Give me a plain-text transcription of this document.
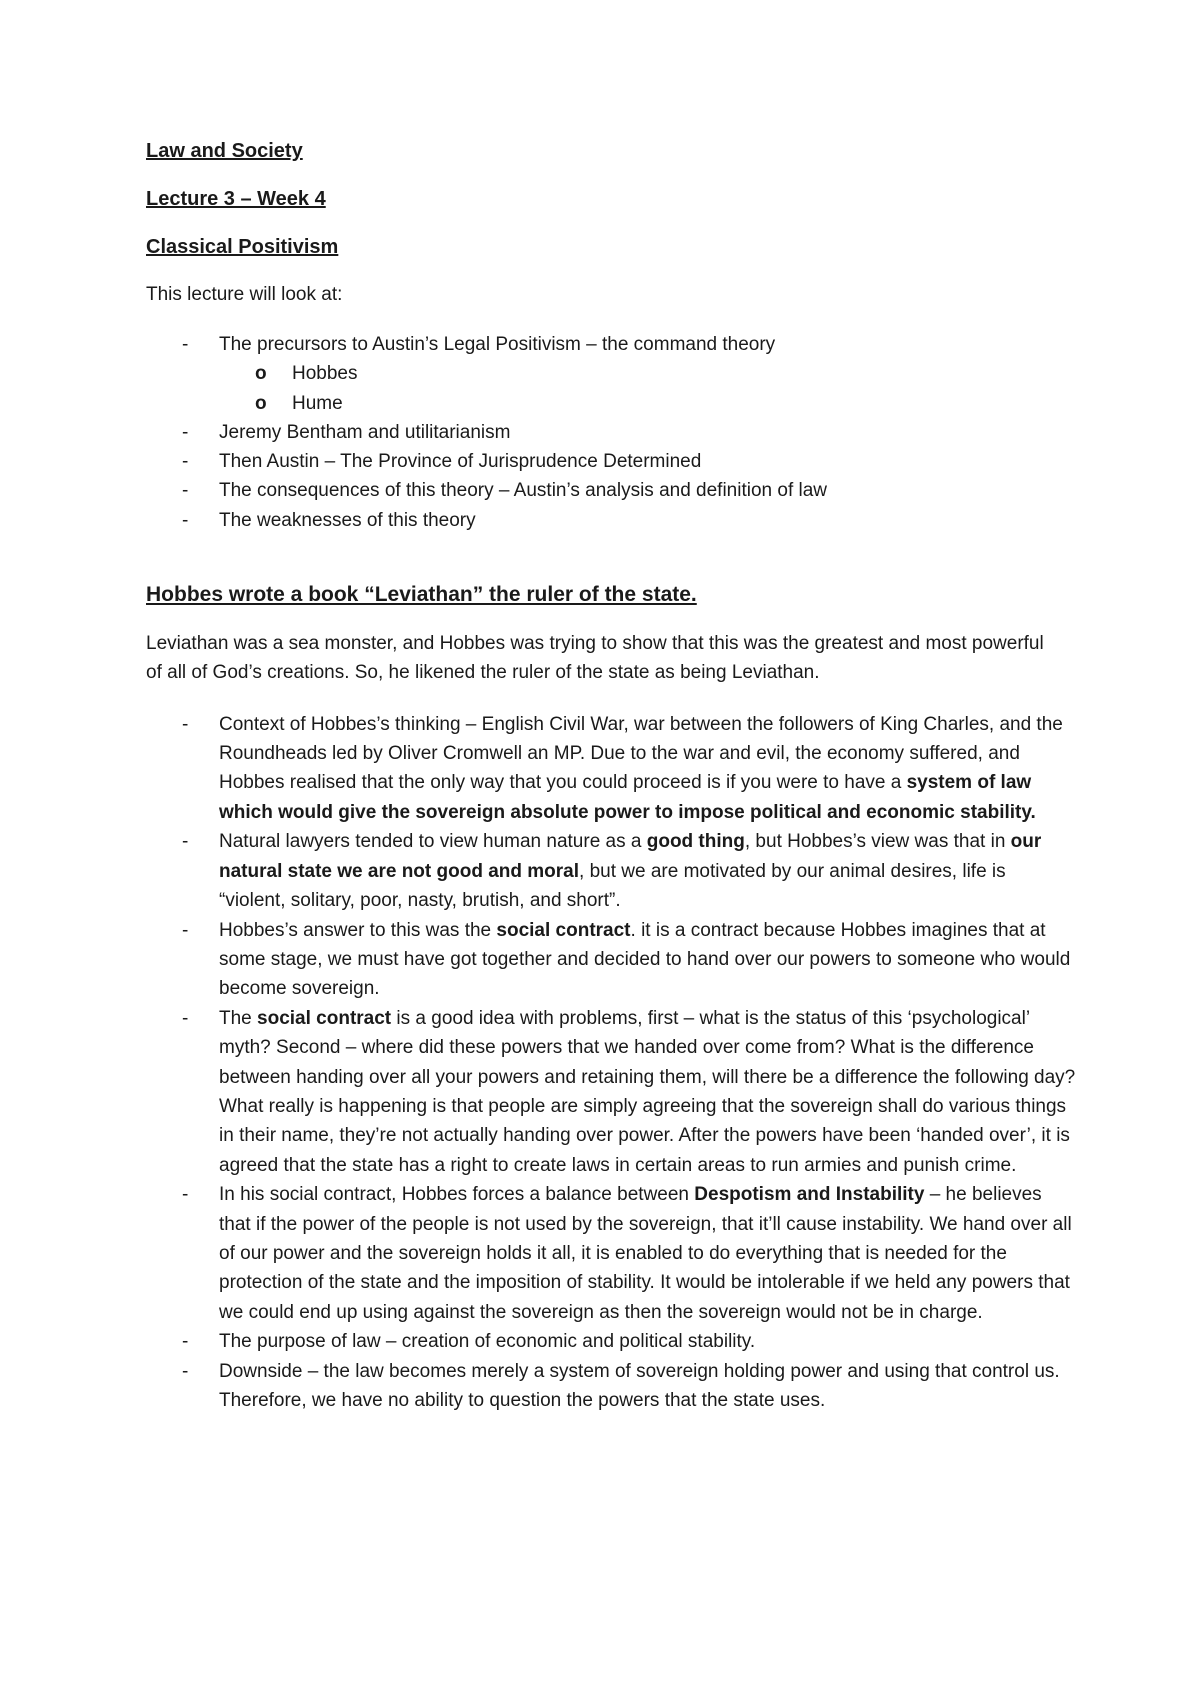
Law and Society

Lecture 3 – Week 4

Classical Positivism

This lecture will look at:

- The precursors to Austin’s Legal Positivism – the command theory
o Hobbes
o Hume
- Jeremy Bentham and utilitarianism
- Then Austin – The Province of Jurisprudence Determined
- The consequences of this theory – Austin’s analysis and definition of law
- The weaknesses of this theory

Hobbes wrote a book “Leviathan” the ruler of the state.

Leviathan was a sea monster, and Hobbes was trying to show that this was the greatest and most powerful of all of God’s creations. So, he likened the ruler of the state as being Leviathan.

- Context of Hobbes’s thinking – English Civil War, war between the followers of King Charles, and the Roundheads led by Oliver Cromwell an MP. Due to the war and evil, the economy suffered, and Hobbes realised that the only way that you could proceed is if you were to have a system of law which would give the sovereign absolute power to impose political and economic stability.
- Natural lawyers tended to view human nature as a good thing, but Hobbes’s view was that in our natural state we are not good and moral, but we are motivated by our animal desires, life is “violent, solitary, poor, nasty, brutish, and short”.
- Hobbes’s answer to this was the social contract. it is a contract because Hobbes imagines that at some stage, we must have got together and decided to hand over our powers to someone who would become sovereign.
- The social contract is a good idea with problems, first – what is the status of this ‘psychological’ myth? Second – where did these powers that we handed over come from? What is the difference between handing over all your powers and retaining them, will there be a difference the following day? What really is happening is that people are simply agreeing that the sovereign shall do various things in their name, they’re not actually handing over power. After the powers have been ‘handed over’, it is agreed that the state has a right to create laws in certain areas to run armies and punish crime.
- In his social contract, Hobbes forces a balance between Despotism and Instability – he believes that if the power of the people is not used by the sovereign, that it’ll cause instability. We hand over all of our power and the sovereign holds it all, it is enabled to do everything that is needed for the protection of the state and the imposition of stability. It would be intolerable if we held any powers that we could end up using against the sovereign as then the sovereign would not be in charge.
- The purpose of law – creation of economic and political stability.
- Downside – the law becomes merely a system of sovereign holding power and using that control us. Therefore, we have no ability to question the powers that the state uses.
